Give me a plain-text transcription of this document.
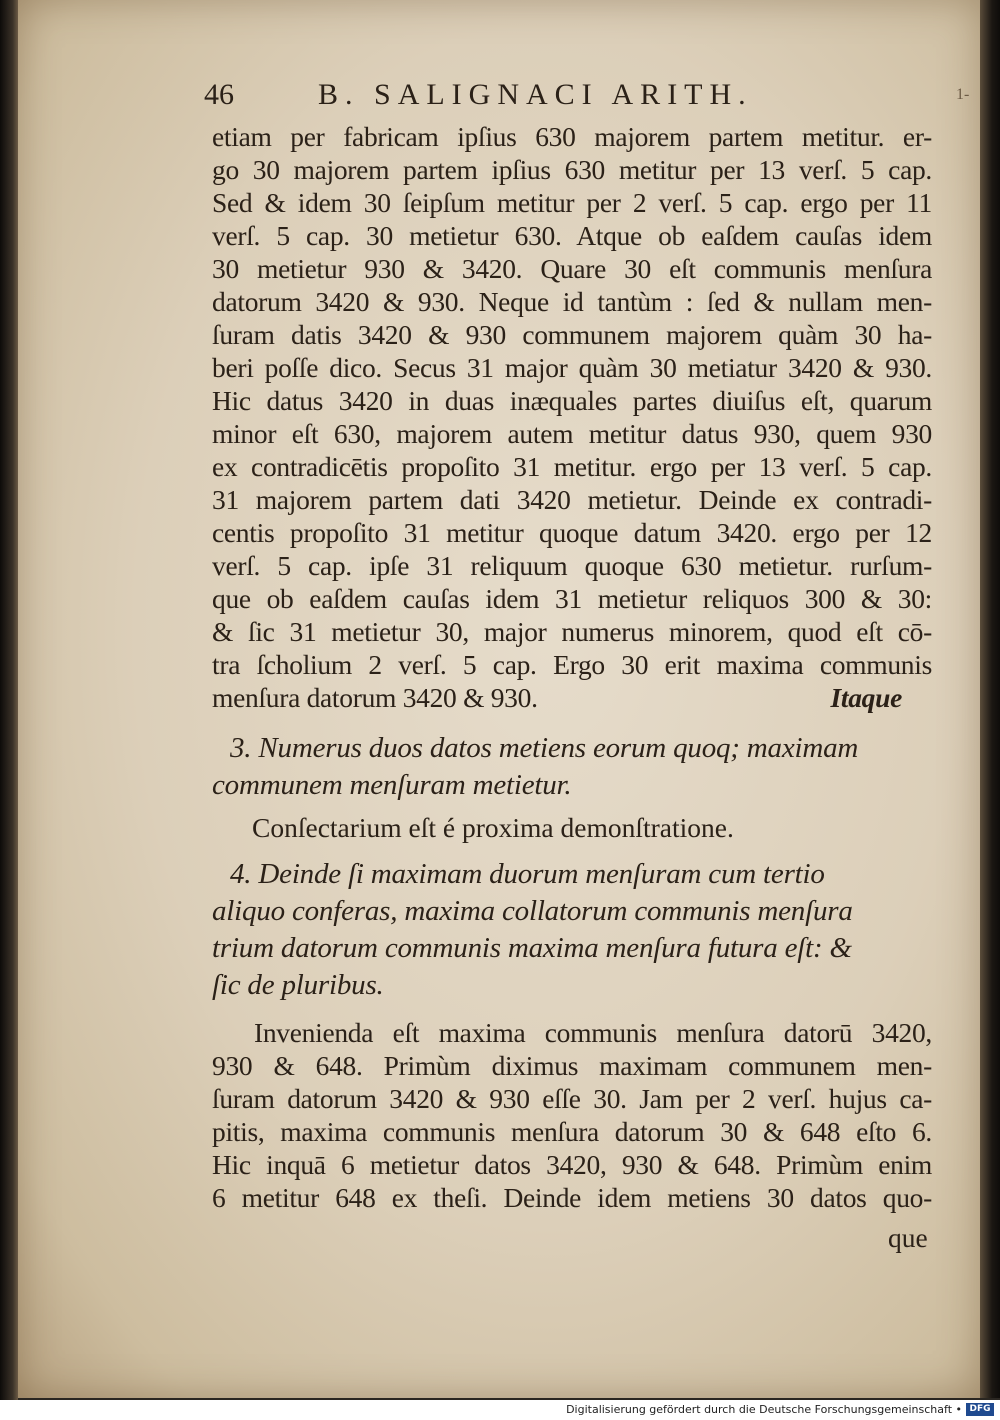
46	B. SALIGNACI ARITH.	1-
etiam per fabricam ipſius 630 majorem partem metitur. er-
go 30 majorem partem ipſius 630 metitur per 13 verſ. 5 cap.
Sed & idem 30 ſeipſum metitur per 2 verſ. 5 cap. ergo per 11
verſ. 5 cap. 30 metietur 630. Atque ob eaſdem cauſas idem
30 metietur 930 & 3420. Quare 30 eſt communis menſura
datorum 3420 & 930. Neque id tantùm : ſed & nullam men-
ſuram datis 3420 & 930 communem majorem quàm 30 ha-
beri poſſe dico. Secus 31 major quàm 30 metiatur 3420 & 930.
Hic datus 3420 in duas inæquales partes diuiſus eſt, quarum
minor eſt 630, majorem autem metitur datus 930, quem 930
ex contradicētis propoſito 31 metitur. ergo per 13 verſ. 5 cap.
31 majorem partem dati 3420 metietur. Deinde ex contradi-
centis propoſito 31 metitur quoque datum 3420. ergo per 12
verſ. 5 cap. ipſe 31 reliquum quoque 630 metietur. rurſum-
que ob eaſdem cauſas idem 31 metietur reliquos 300 & 30:
& ſic 31 metietur 30, major numerus minorem, quod eſt cō-
tra ſcholium 2 verſ. 5 cap. Ergo 30 erit maxima communis
menſura datorum 3420 & 930.	Itaque
3. Numerus duos datos metiens eorum quoq; maximam
communem menſuram metietur.
Conſectarium eſt é proxima demonſtratione.
4. Deinde ſi maximam duorum menſuram cum tertio
aliquo conferas, maxima collatorum communis menſura
trium datorum communis maxima menſura futura eſt: &
ſic de pluribus.
Invenienda eſt maxima communis menſura datorū 3420,
930 & 648. Primùm diximus maximam communem men-
ſuram datorum 3420 & 930 eſſe 30. Jam per 2 verſ. hujus ca-
pitis, maxima communis menſura datorum 30 & 648 eſto 6.
Hic inquā 6 metietur datos 3420, 930 & 648. Primùm enim
6 metitur 648 ex theſi. Deinde idem metiens 30 datos quo-
que
Digitalisierung gefördert durch die Deutsche Forschungsgemeinschaft • DFG
